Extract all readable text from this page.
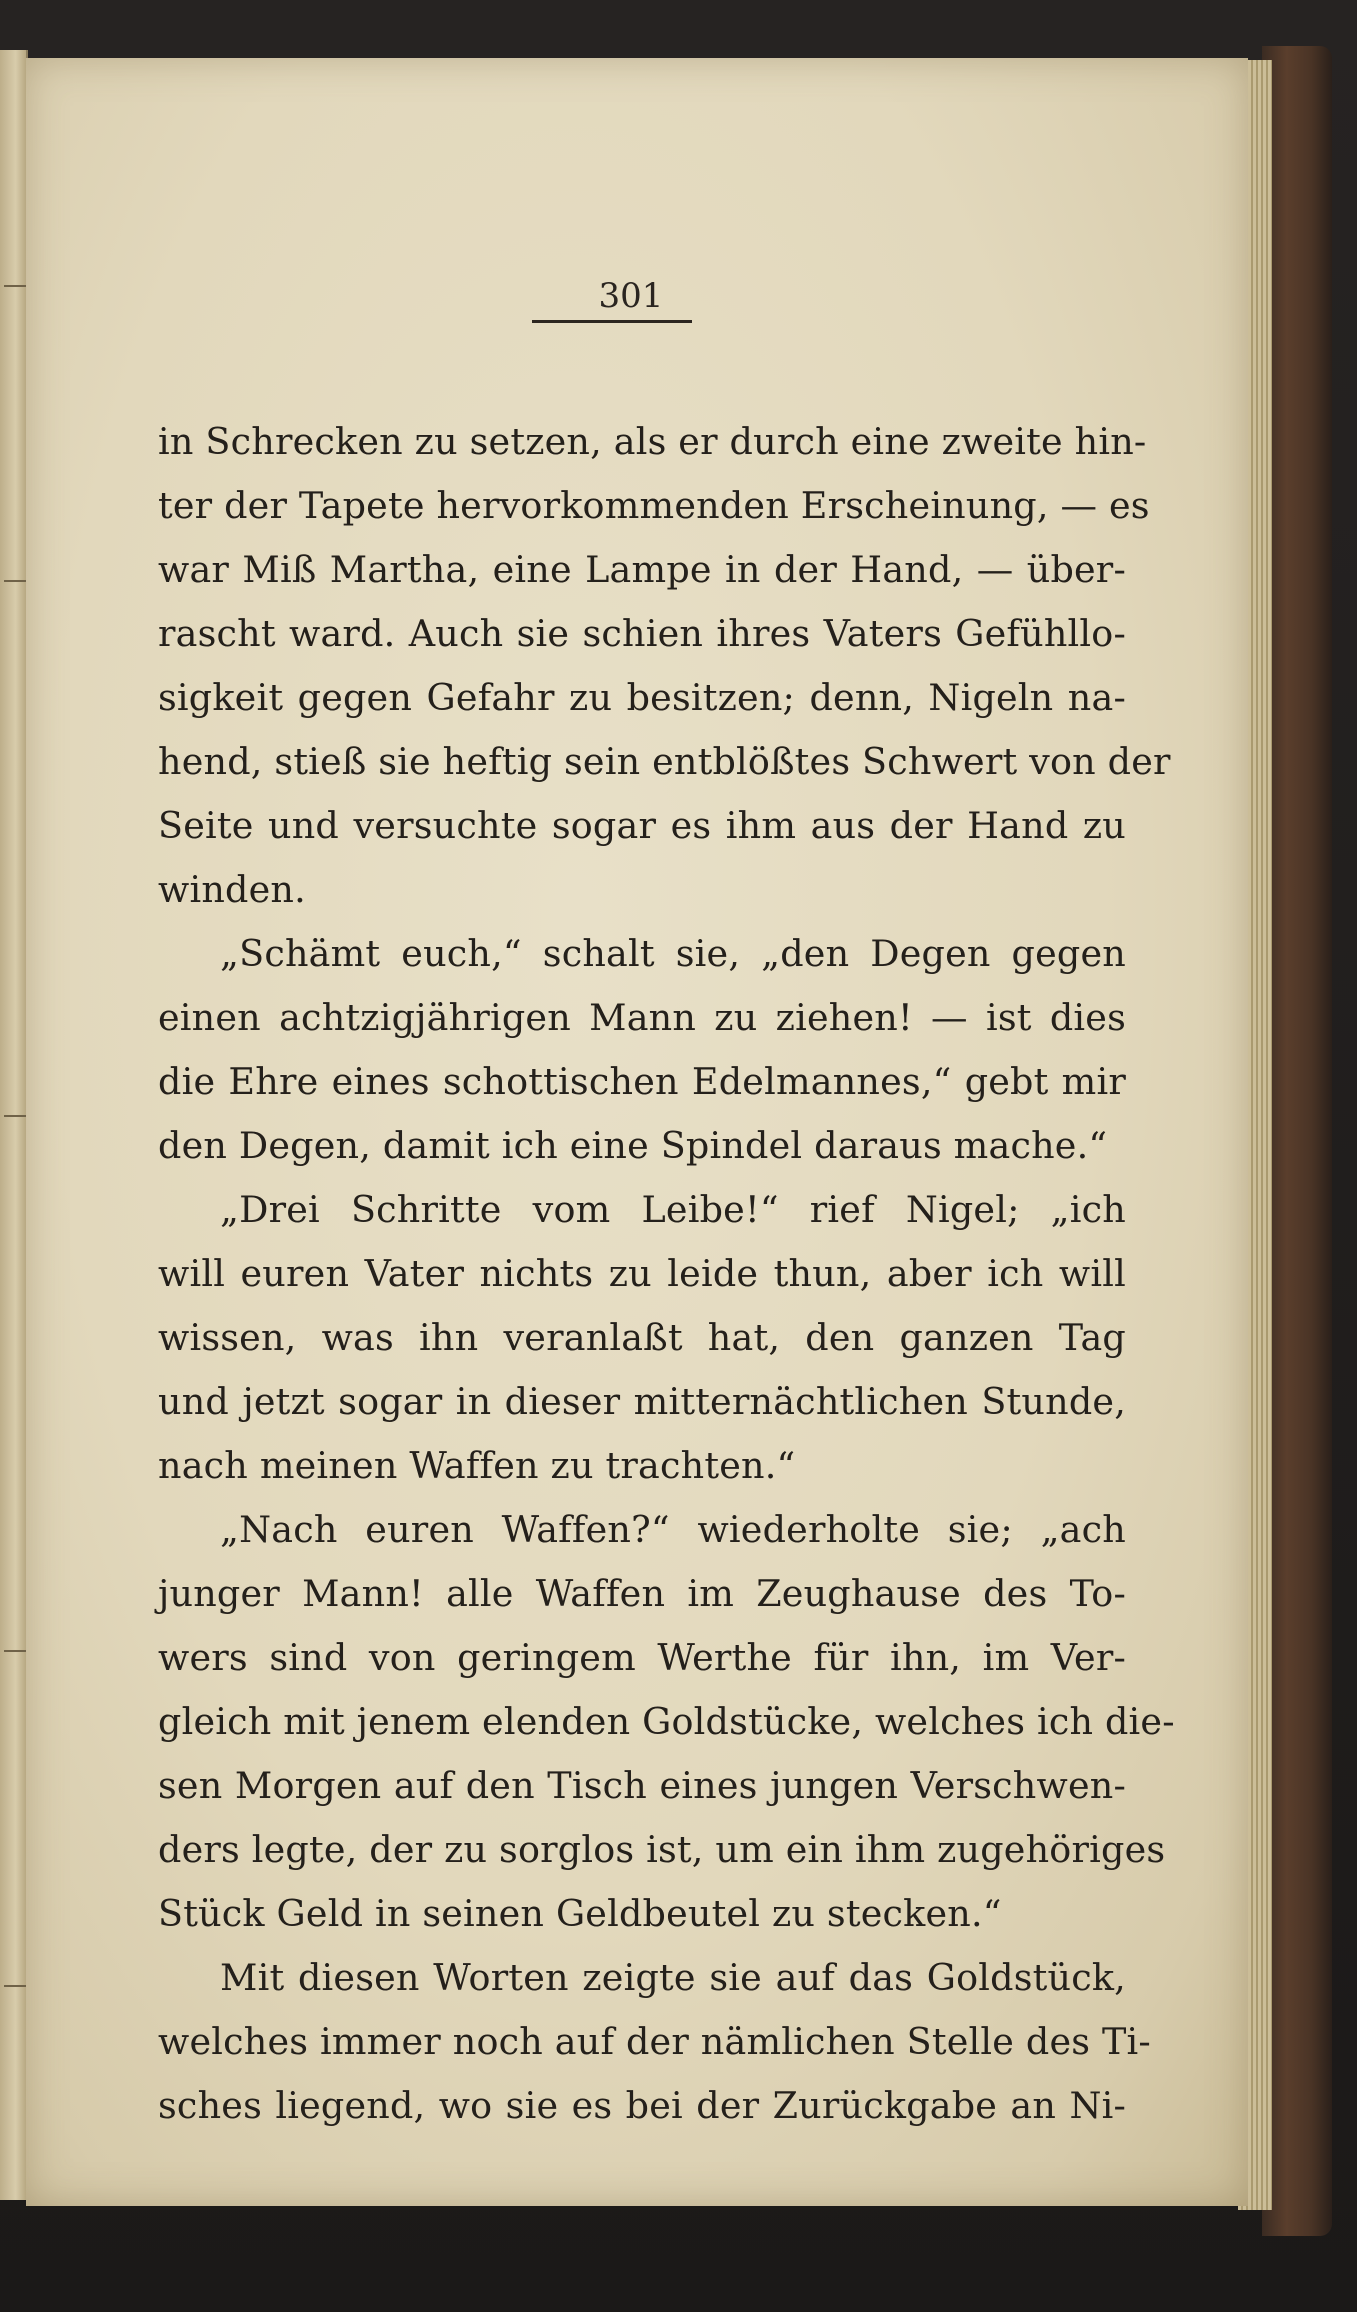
301
in Schrecken zu setzen, als er durch eine zweite hin-
ter der Tapete hervorkommenden Erscheinung, — es
war Miß Martha, eine Lampe in der Hand, — über-
rascht ward. Auch sie schien ihres Vaters Gefühllo-
sigkeit gegen Gefahr zu besitzen; denn, Nigeln na-
hend, stieß sie heftig sein entblößtes Schwert von der
Seite und versuchte sogar es ihm aus der Hand zu
winden.
„Schämt euch,“ schalt sie, „den Degen gegen
einen achtzigjährigen Mann zu ziehen! — ist dies
die Ehre eines schottischen Edelmannes,“ gebt mir
den Degen, damit ich eine Spindel daraus mache.“
„Drei Schritte vom Leibe!“ rief Nigel; „ich
will euren Vater nichts zu leide thun, aber ich will
wissen, was ihn veranlaßt hat, den ganzen Tag
und jetzt sogar in dieser mitternächtlichen Stunde,
nach meinen Waffen zu trachten.“
„Nach euren Waffen?“ wiederholte sie; „ach
junger Mann! alle Waffen im Zeughause des To-
wers sind von geringem Werthe für ihn, im Ver-
gleich mit jenem elenden Goldstücke, welches ich die-
sen Morgen auf den Tisch eines jungen Verschwen-
ders legte, der zu sorglos ist, um ein ihm zugehöriges
Stück Geld in seinen Geldbeutel zu stecken.“
Mit diesen Worten zeigte sie auf das Goldstück,
welches immer noch auf der nämlichen Stelle des Ti-
sches liegend, wo sie es bei der Zurückgabe an Ni-
